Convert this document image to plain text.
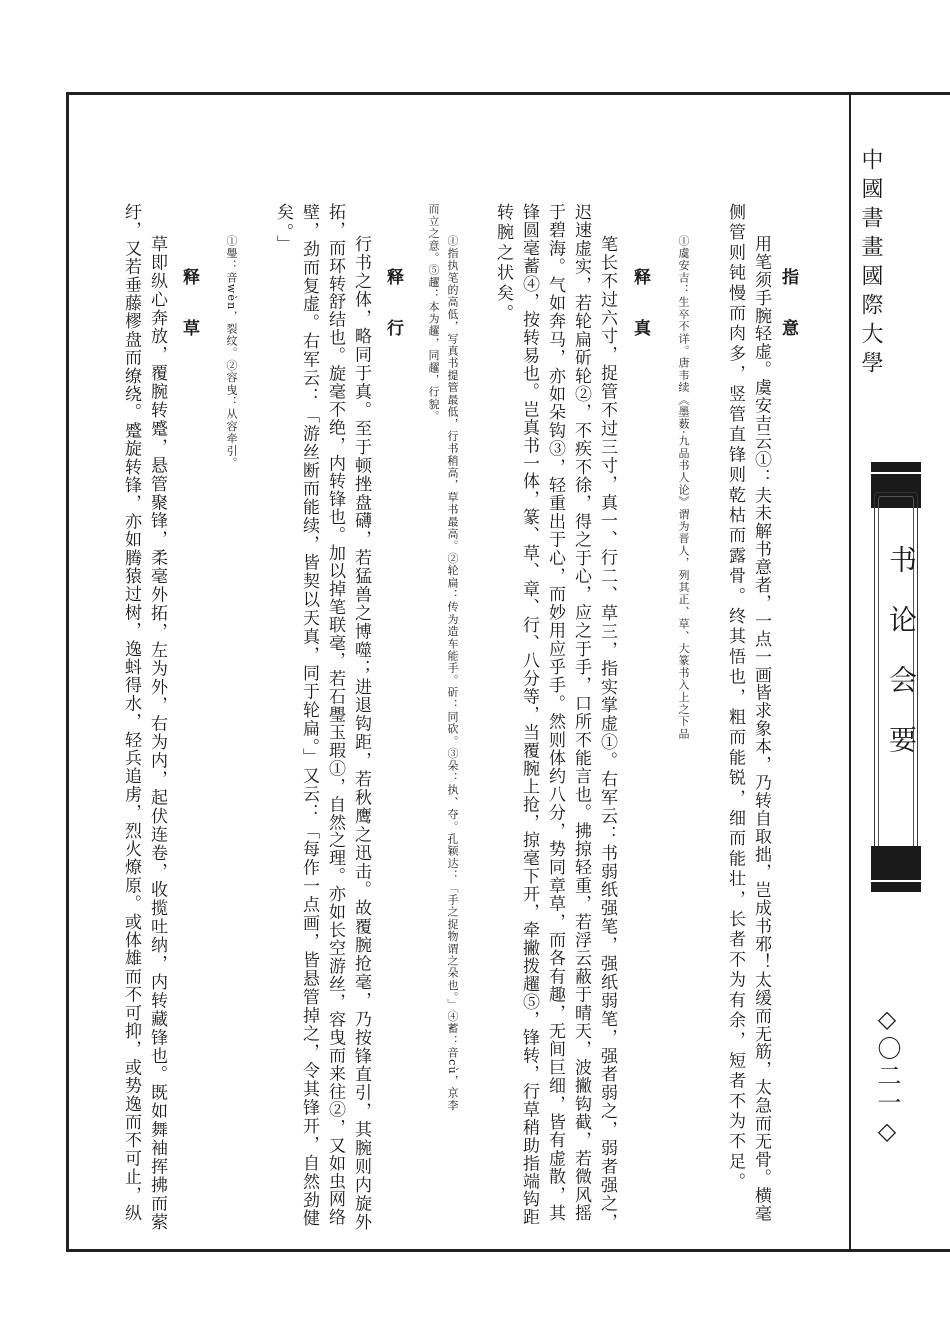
中國書畫國際大學
书论会要
◇〇二一◇
指 意
用笔须手腕轻虚。虞安吉云①：夫未解书意者，一点一画皆求象本，乃转自取拙，岂成书邪！太缓而无筋，太急而无骨。横毫
侧管则钝慢而肉多，竖管直锋则乾枯而露骨。终其悟也，粗而能锐，细而能壮，长者不为有余，短者不为不足。
①虞安吉：生卒不详。唐韦续《墨薮·九品书人论》谓为晋人，列其正、草、大篆书入上之下品
释 真
笔长不过六寸，捉管不过三寸，真一、行二、草三，指实掌虚①。右军云：书弱纸强笔，强纸弱笔，强者弱之，弱者强之，
迟速虚实，若轮扁斫轮②，不疾不徐，得之于心，应之于手，口所不能言也。拂掠轻重，若浮云蔽于晴天，波撇钩截，若微风摇
于碧海。气如奔马，亦如朵钩③，轻重出于心，而妙用应乎手。然则体约八分，势同章草，而各有趣，无间巨细，皆有虚散，其
锋圆毫蓄④，按转易也。岂真书一体，篆、草、章、行、八分等，当覆腕上抢，掠毫下开，牵撇拨趯⑤，锋转，行草稍助指端钩距
转腕之状矣。
①指执笔的高低，写真书提管最低，行书稍高，草书最高。②轮扁：传为造车能手。斫：同砍。③朵：执、夺。孔颖达：「手之捉物谓之朵也。」④蓄：音cù，京李
而立之意。⑤趯：本为趯，同趯，行貌。
释 行
行书之体，略同于真。至于顿挫盘礴，若猛兽之博噬；进退钩距，若秋鹰之迅击。故覆腕抢毫，乃按锋直引，其腕则内旋外
拓，而环转舒结也。旋毫不绝，内转锋也。加以掉笔联毫，若石璺玉瑕①，自然之理。亦如长空游丝，容曳而来往②，又如虫网络
壁，劲而复虚。右军云：「游丝断而能续，皆契以天真，同于轮扁。」又云：「每作一点画，皆悬管掉之，令其锋开，自然劲健
矣。」
①璺：音wèn，裂纹。②容曳：从容牵引。
释 草
草即纵心奔放，覆腕转蹙，悬管聚锋，柔毫外拓，左为外，右为内，起伏连卷，收揽吐纳，内转藏锋也。既如舞袖挥拂而萦
纡，又若垂藤樛盘而缭绕。蹙旋转锋，亦如腾猿过树，逸蚪得水，轻兵追虏，烈火燎原。或体雄而不可抑，或势逸而不可止，纵
